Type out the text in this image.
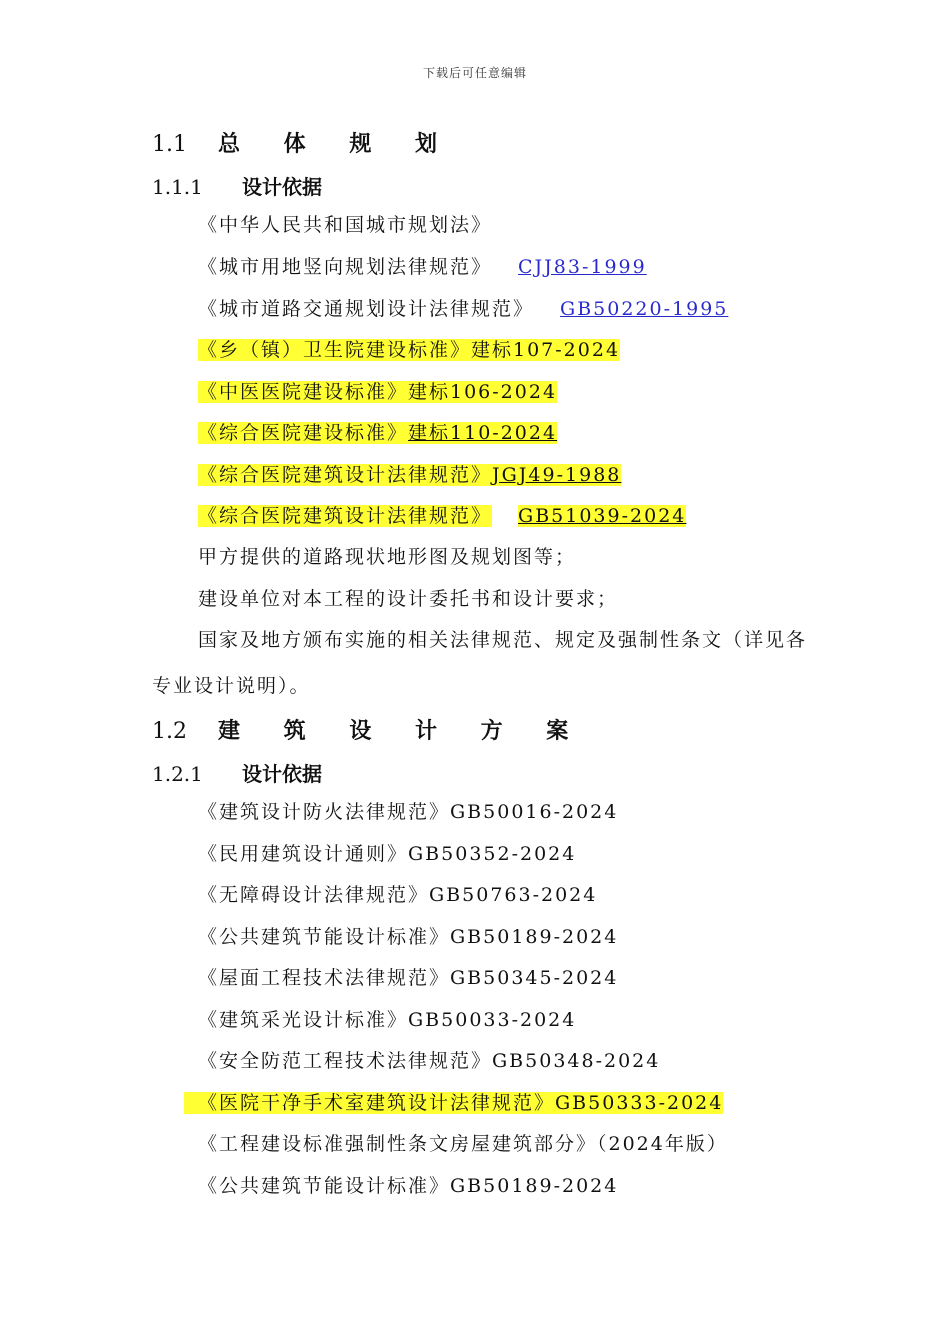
下载后可任意编辑
1.1 总 体 规 划
1.1.1 设计依据
《中华人民共和国城市规划法》
《城市用地竖向规划法律规范》 CJJ83-1999
《城市道路交通规划设计法律规范》 GB50220-1995
《乡（镇）卫生院建设标准》建标107-2024
《中医医院建设标准》建标106-2024
《综合医院建设标准》建标110-2024
《综合医院建筑设计法律规范》JGJ49-1988
《综合医院建筑设计法律规范》 GB51039-2024
甲方提供的道路现状地形图及规划图等；
建设单位对本工程的设计委托书和设计要求；
国家及地方颁布实施的相关法律规范、规定及强制性条文（详见各专业设计说明）。
1.2 建 筑 设 计 方 案
1.2.1 设计依据
《建筑设计防火法律规范》GB50016-2024
《民用建筑设计通则》GB50352-2024
《无障碍设计法律规范》GB50763-2024
《公共建筑节能设计标准》GB50189-2024
《屋面工程技术法律规范》GB50345-2024
《建筑采光设计标准》GB50033-2024
《安全防范工程技术法律规范》GB50348-2024
《医院干净手术室建筑设计法律规范》GB50333-2024
《工程建设标准强制性条文房屋建筑部分》（2024年版）
《公共建筑节能设计标准》GB50189-2024
